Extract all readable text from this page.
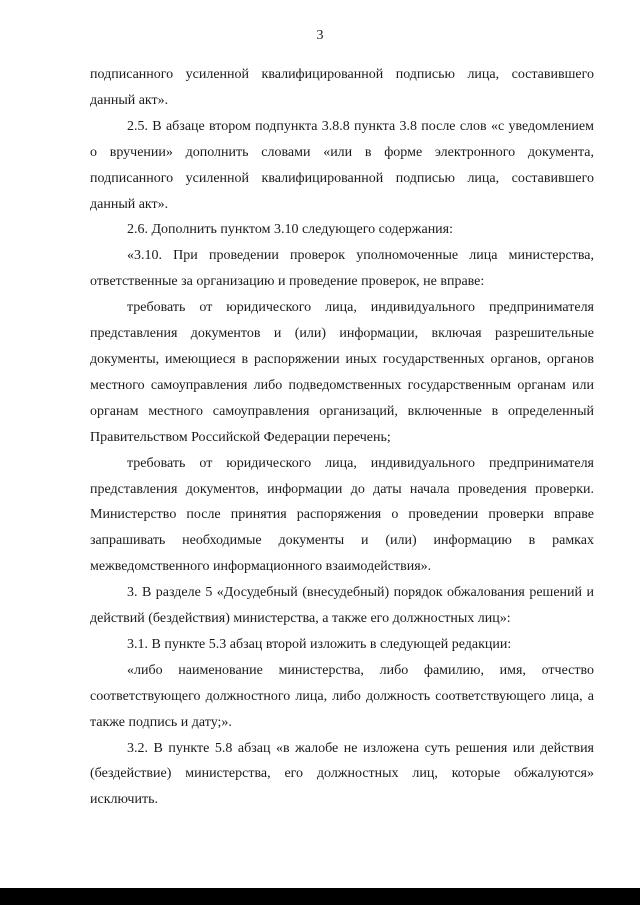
3

подписанного усиленной квалифицированной подписью лица, составившего данный акт».

2.5. В абзаце втором подпункта 3.8.8 пункта 3.8 после слов «с уведомлением о вручении» дополнить словами «или в форме электронного документа, подписанного усиленной квалифицированной подписью лица, составившего данный акт».

2.6. Дополнить пунктом 3.10 следующего содержания:

«3.10. При проведении проверок уполномоченные лица министерства, ответственные за организацию и проведение проверок, не вправе:

требовать от юридического лица, индивидуального предпринимателя представления документов и (или) информации, включая разрешительные документы, имеющиеся в распоряжении иных государственных органов, органов местного самоуправления либо подведомственных государственным органам или органам местного самоуправления организаций, включенные в определенный Правительством Российской Федерации перечень;

требовать от юридического лица, индивидуального предпринимателя представления документов, информации до даты начала проведения проверки. Министерство после принятия распоряжения о проведении проверки вправе запрашивать необходимые документы и (или) информацию в рамках межведомственного информационного взаимодействия».

3. В разделе 5 «Досудебный (внесудебный) порядок обжалования решений и действий (бездействия) министерства, а также его должностных лиц»:

3.1. В пункте 5.3 абзац второй изложить в следующей редакции:

«либо наименование министерства, либо фамилию, имя, отчество соответствующего должностного лица, либо должность соответствующего лица, а также подпись и дату;».

3.2. В пункте 5.8 абзац «в жалобе не изложена суть решения или действия (бездействие) министерства, его должностных лиц, которые обжалуются» исключить.
